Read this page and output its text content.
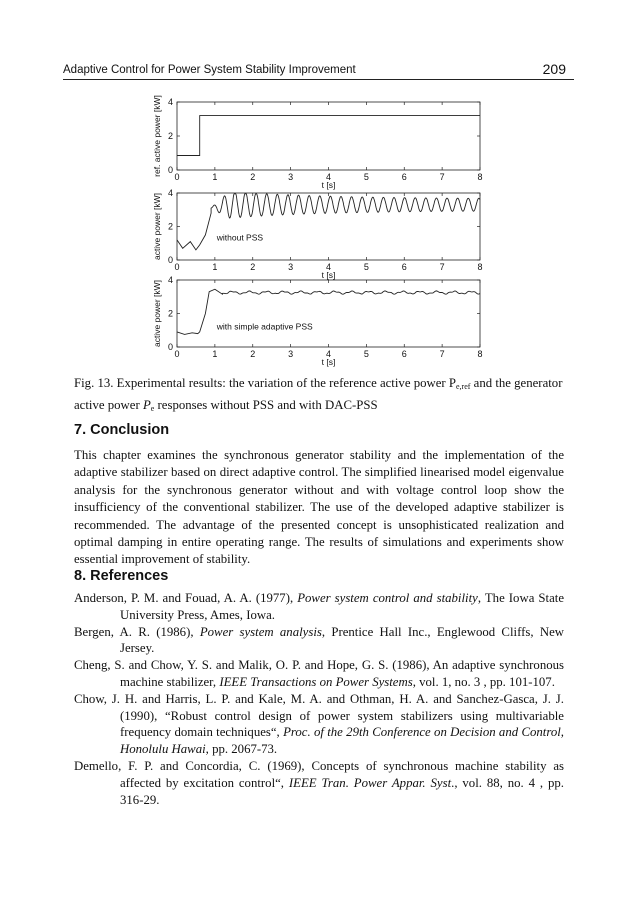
Adaptive Control for Power System Stability Improvement	209
0	1	2	3	4	5	6	7	8
0
2
4
t [s]
ref. active power [kW]
0	1	2	3	4	5	6	7	8
0
2
4
t [s]
active power [kW]	without PSS
0	1	2	3	4	5	6	7	8
0
2
4
t [s]
active power [kW]	with simple adaptive PSS
Fig. 13. Experimental results: the variation of the reference active power $P_{e,ref}$ and the generator active power $P_e$ responses without PSS and with DAC-PSS
7. Conclusion

This chapter examines the synchronous generator stability and the implementation of the adaptive stabilizer based on direct adaptive control. The simplified linearised model eigenvalue analysis for the synchronous generator without and with voltage control loop show the insufficiency of the conventional stabilizer. The use of the developed adaptive stabilizer is recommended. The advantage of the presented concept is unsophisticated realization and optimal damping in entire operating range. The results of simulations and experiments show essential improvement of stability.

8. References

Anderson, P. M. and Fouad, A. A. (1977), Power system control and stability, The Iowa State University Press, Ames, Iowa.

Bergen, A. R. (1986), Power system analysis, Prentice Hall Inc., Englewood Cliffs, New Jersey.

Cheng, S. and Chow, Y. S. and Malik, O. P. and Hope, G. S. (1986), An adaptive synchronous machine stabilizer, IEEE Transactions on Power Systems, vol. 1, no. 3 , pp. 101-107.

Chow, J. H. and Harris, L. P. and Kale, M. A. and Othman, H. A. and Sanchez-Gasca, J. J. (1990), “Robust control design of power system stabilizers using multivariable frequency domain techniques“, Proc. of the 29th Conference on Decision and Control, Honolulu Hawai, pp. 2067-73.

Demello, F. P. and Concordia, C. (1969), Concepts of synchronous machine stability as affected by excitation control“, IEEE Tran. Power Appar. Syst., vol. 88, no. 4 , pp. 316-29.
